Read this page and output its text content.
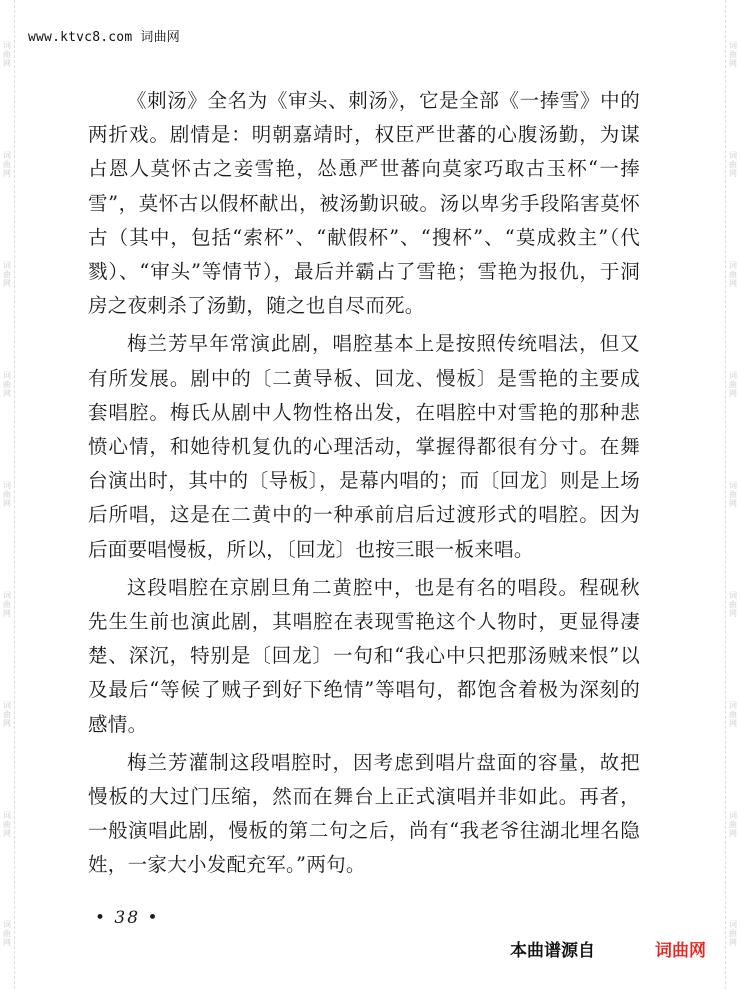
词
曲
网
词
曲
网
词
曲
网
词
曲
网
词
曲
网
词
曲
网
词
曲
网
词
曲
网
词
曲
网
词
曲
网
词
曲
网
词
曲
网
词
曲
网
词
曲
网
词
曲
网
词
曲
网
词
曲
网
词
曲
网
www.ktvc8.com 词曲网

《刺汤》全名为《审头、刺汤》，它是全部《一捧雪》中的两折戏。剧情是：明朝嘉靖时，权臣严世蕃的心腹汤勤，为谋占恩人莫怀古之妾雪艳，怂恿严世蕃向莫家巧取古玉杯“一捧雪”，莫怀古以假杯献出，被汤勤识破。汤以卑劣手段陷害莫怀古（其中，包括“索杯”、“献假杯”、“搜杯”、“莫成救主”（代戮）、“审头”等情节），最后并霸占了雪艳；雪艳为报仇，于洞房之夜刺杀了汤勤，随之也自尽而死。

梅兰芳早年常演此剧，唱腔基本上是按照传统唱法，但又有所发展。剧中的〔二黄导板、回龙、慢板〕是雪艳的主要成套唱腔。梅氏从剧中人物性格出发，在唱腔中对雪艳的那种悲愤心情，和她待机复仇的心理活动，掌握得都很有分寸。在舞台演出时，其中的〔导板〕，是幕内唱的；而〔回龙〕则是上场后所唱，这是在二黄中的一种承前启后过渡形式的唱腔。因为后面要唱慢板，所以，〔回龙〕也按三眼一板来唱。

这段唱腔在京剧旦角二黄腔中，也是有名的唱段。程砚秋先生生前也演此剧，其唱腔在表现雪艳这个人物时，更显得凄楚、深沉，特别是〔回龙〕一句和“我心中只把那汤贼来恨”以及最后“等候了贼子到好下绝情”等唱句，都饱含着极为深刻的感情。

梅兰芳灌制这段唱腔时，因考虑到唱片盘面的容量，故把慢板的大过门压缩，然而在舞台上正式演唱并非如此。再者，一般演唱此剧，慢板的第二句之后，尚有“我老爷往湖北埋名隐姓，一家大小发配充军。”两句。

• 38 •
本曲谱源自	词曲网
